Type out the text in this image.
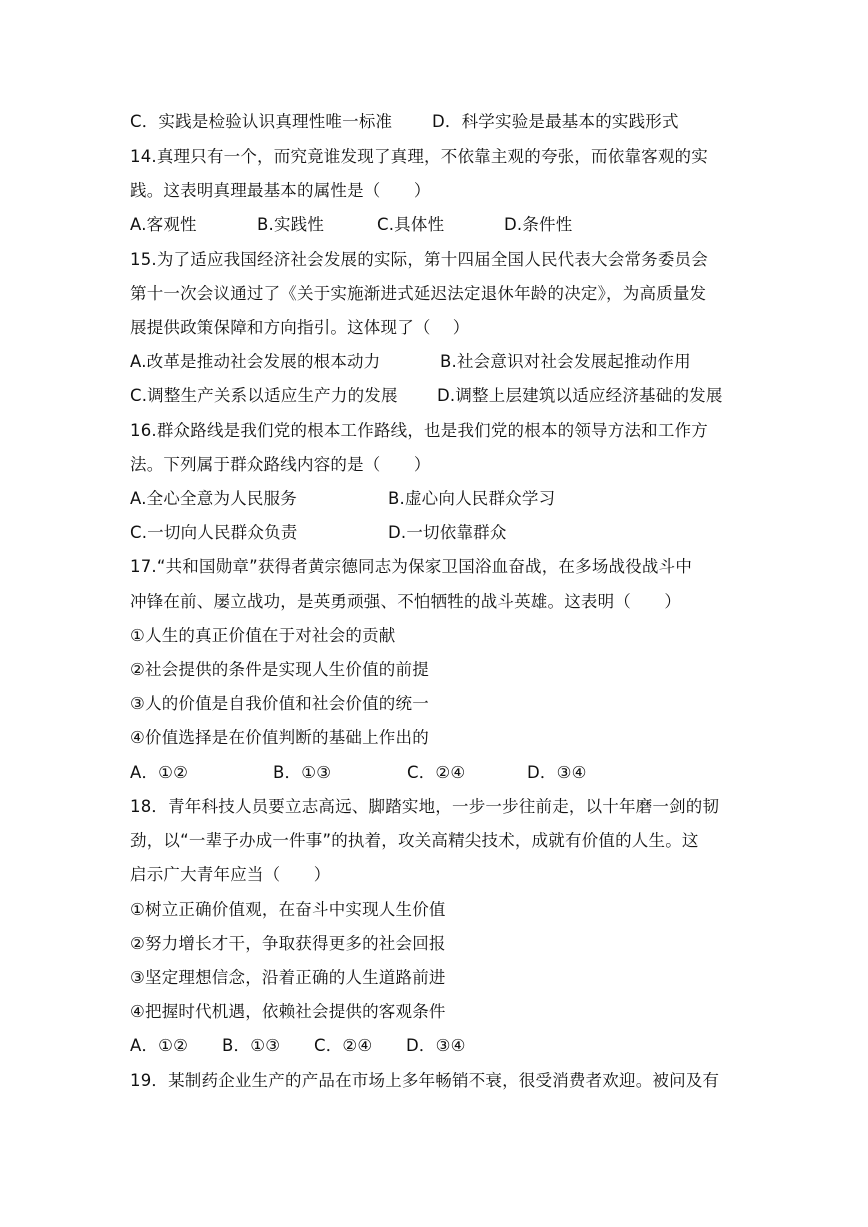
C．实践是检验认识真理性唯一标准 D．科学实验是最基本的实践形式
14.真理只有一个，而究竟谁发现了真理，不依靠主观的夸张，而依靠客观的实
践。这表明真理最基本的属性是（　　）
A.客观性	B.实践性	C.具体性	D.条件性
15.为了适应我国经济社会发展的实际，第十四届全国人民代表大会常务委员会
第十一次会议通过了《关于实施渐进式延迟法定退休年龄的决定》，为高质量发
展提供政策保障和方向指引。这体现了（　 ）
A.改革是推动社会发展的根本动力	B.社会意识对社会发展起推动作用
C.调整生产关系以适应生产力的发展 D.调整上层建筑以适应经济基础的发展
16.群众路线是我们党的根本工作路线，也是我们党的根本的领导方法和工作方
法。下列属于群众路线内容的是（　　）
A.全心全意为人民服务	B.虚心向人民群众学习
C.一切向人民群众负责	D.一切依靠群众
17.“共和国勋章”获得者黄宗德同志为保家卫国浴血奋战，在多场战役战斗中
冲锋在前、屡立战功，是英勇顽强、不怕牺牲的战斗英雄。这表明（　　）
①人生的真正价值在于对社会的贡献
②社会提供的条件是实现人生价值的前提
③人的价值是自我价值和社会价值的统一
④价值选择是在价值判断的基础上作出的
A．①②	B．①③	C．②④	D．③④
18．青年科技人员要立志高远、脚踏实地，一步一步往前走，以十年磨一剑的韧
劲，以“一辈子办成一件事”的执着，攻关高精尖技术，成就有价值的人生。这
启示广大青年应当（　　）
①树立正确价值观，在奋斗中实现人生价值
②努力增长才干，争取获得更多的社会回报
③坚定理想信念，沿着正确的人生道路前进
④把握时代机遇，依赖社会提供的客观条件
A．①② B．①③ C．②④ D．③④
19．某制药企业生产的产品在市场上多年畅销不衰，很受消费者欢迎。被问及有
